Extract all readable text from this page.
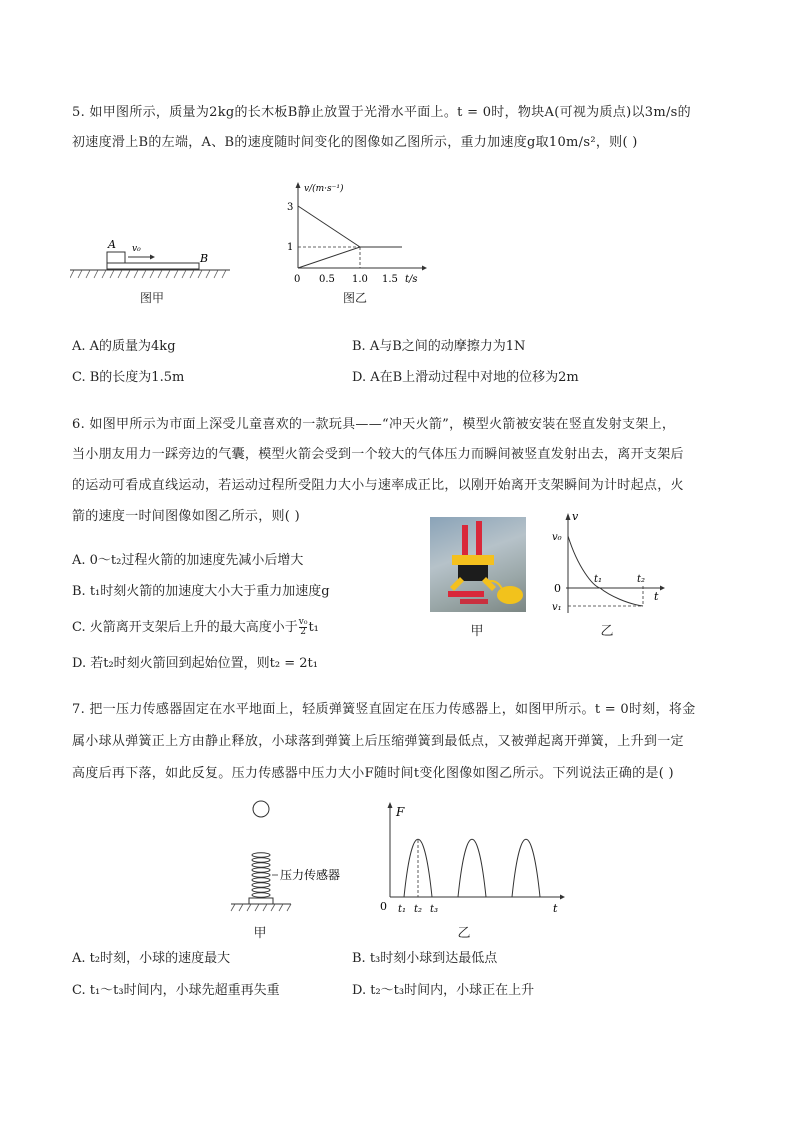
5. 如甲图所示，质量为2kg的长木板B静止放置于光滑水平面上。t = 0时，物块A(可视为质点)以3m/s的
初速度滑上B的左端，A、B的速度随时间变化的图像如乙图所示，重力加速度g取10m/s²，则( )
A v₀
B
图甲
v/(m·s⁻¹)
3
1
0 0.5 1.0 1.5 t/s
图乙
A. A的质量为4kg	B. A与B之间的动摩擦力为1N
C. B的长度为1.5m	D. A在B上滑动过程中对地的位移为2m
6. 如图甲所示为市面上深受儿童喜欢的一款玩具——“冲天火箭”，模型火箭被安装在竖直发射支架上，
当小朋友用力一踩旁边的气囊，模型火箭会受到一个较大的气体压力而瞬间被竖直发射出去，离开支架后
的运动可看成直线运动，若运动过程所受阻力大小与速率成正比，以刚开始离开支架瞬间为计时起点，火
箭的速度一时间图像如图乙所示，则( )
A. 0～t₂过程火箭的加速度先减小后增大
B. t₁时刻火箭的加速度大小大于重力加速度g
C. 火箭离开支架后上升的最大高度小于 $\frac{\text{v₀}}{2} t_1$
D. 若t₂时刻火箭回到起始位置，则t₂ = 2t₁
甲
v
v₀
0
t₁	t₂
t
v₁
乙
7. 把一压力传感器固定在水平地面上，轻质弹簧竖直固定在压力传感器上，如图甲所示。t = 0时刻，将金
属小球从弹簧正上方由静止释放，小球落到弹簧上后压缩弹簧到最低点，又被弹起离开弹簧，上升到一定
高度后再下落，如此反复。压力传感器中压力大小F随时间t变化图像如图乙所示。下列说法正确的是( )
压力传感器
甲
F
0 t₁ t₂ t₃	t
乙
A. t₂时刻，小球的速度最大	B. t₃时刻小球到达最低点
C. t₁～t₃时间内，小球先超重再失重	D. t₂～t₃时间内，小球正在上升
